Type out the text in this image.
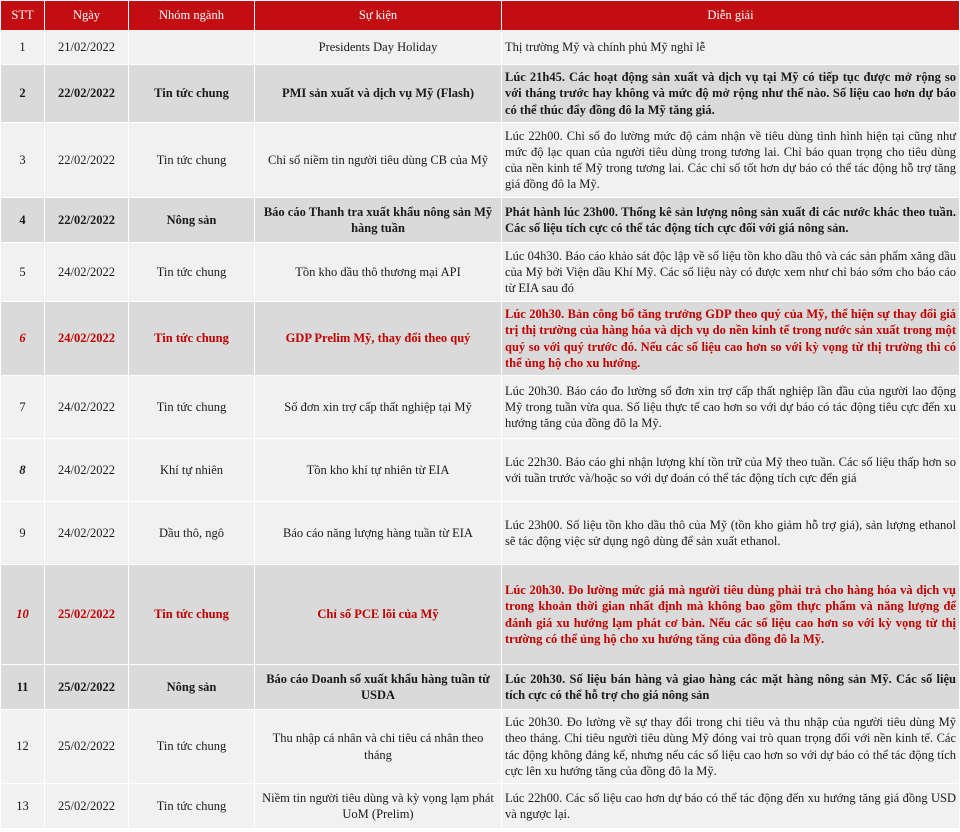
STT	Ngày	Nhóm ngành	Sự kiện	Diễn giải
1	21/02/2022		Presidents Day Holiday	Thị trường Mỹ và chính phủ Mỹ nghỉ lễ
2	22/02/2022	Tin tức chung	PMI sản xuất và dịch vụ Mỹ (Flash)	Lúc 21h45. Các hoạt động sản xuất và dịch vụ tại Mỹ có tiếp tục được mở rộng so với tháng trước hay không và mức độ mở rộng như thế nào. Số liệu cao hơn dự báo có thể thúc đẩy đồng đô la Mỹ tăng giá.
3	22/02/2022	Tin tức chung	Chỉ số niềm tin người tiêu dùng CB của Mỹ	Lúc 22h00. Chỉ số đo lường mức độ cảm nhận về tiêu dùng tình hình hiện tại cũng như mức độ lạc quan của người tiêu dùng trong tương lai. Chỉ báo quan trọng cho tiêu dùng của nền kinh tế Mỹ trong tương lai. Các chỉ số tốt hơn dự báo có thể tác động hỗ trợ tăng giá đồng đô la Mỹ.
4	22/02/2022	Nông sản	Báo cáo Thanh tra xuất khẩu nông sản Mỹ hàng tuần	Phát hành lúc 23h00. Thống kê sản lượng nông sản xuất đi các nước khác theo tuần. Các số liệu tích cực có thể tác động tích cực đối với giá nông sản.
5	24/02/2022	Tin tức chung	Tồn kho dầu thô thương mại API	Lúc 04h30. Báo cáo khảo sát độc lập về số liệu tồn kho dầu thô và các sản phẩm xăng dầu của Mỹ bởi Viện dầu Khí Mỹ. Các số liệu này có được xem như chỉ báo sớm cho báo cáo từ EIA sau đó
6	24/02/2022	Tin tức chung	GDP Prelim Mỹ, thay đổi theo quý	Lúc 20h30. Bản công bố tăng trưởng GDP theo quý của Mỹ, thể hiện sự thay đổi giá trị thị trường của hàng hóa và dịch vụ do nền kinh tế trong nước sản xuất trong một quý so với quý trước đó. Nếu các số liệu cao hơn so với kỳ vọng từ thị trường thì có thể ủng hộ cho xu hướng.
7	24/02/2022	Tin tức chung	Số đơn xin trợ cấp thất nghiệp tại Mỹ	Lúc 20h30. Báo cáo đo lường số đơn xin trợ cấp thất nghiệp lần đầu của người lao động Mỹ trong tuần vừa qua. Số liệu thực tế cao hơn so với dự báo có tác động tiêu cực đến xu hướng tăng của đồng đô la Mỹ.
8	24/02/2022	Khí tự nhiên	Tồn kho khí tự nhiên từ EIA	Lúc 22h30. Báo cáo ghi nhận lượng khí tồn trữ của Mỹ theo tuần. Các số liệu thấp hơn so với tuần trước và/hoặc so với dự đoán có thể tác động tích cực đến giá
9	24/02/2022	Dầu thô, ngô	Báo cáo năng lượng hàng tuần từ EIA	Lúc 23h00. Số liệu tồn kho dầu thô của Mỹ (tồn kho giảm hỗ trợ giá), sản lượng ethanol sẽ tác động việc sử dụng ngô dùng để sản xuất ethanol.
10	25/02/2022	Tin tức chung	Chỉ số PCE lõi của Mỹ	Lúc 20h30. Đo lường mức giá mà người tiêu dùng phải trả cho hàng hóa và dịch vụ trong khoản thời gian nhất định mà không bao gồm thực phẩm và năng lượng để đánh giá xu hướng lạm phát cơ bản. Nếu các số liệu cao hơn so với kỳ vọng từ thị trường có thể ủng hộ cho xu hướng tăng của đồng đô la Mỹ.
11	25/02/2022	Nông sản	Báo cáo Doanh số xuất khẩu hàng tuần từ USDA	Lúc 20h30. Số liệu bán hàng và giao hàng các mặt hàng nông sản Mỹ. Các số liệu tích cực có thể hỗ trợ cho giá nông sản
12	25/02/2022	Tin tức chung	Thu nhập cá nhân và chi tiêu cá nhân theo tháng	Lúc 20h30. Đo lường về sự thay đổi trong chi tiêu và thu nhập của người tiêu dùng Mỹ theo tháng. Chi tiêu người tiêu dùng Mỹ đóng vai trò quan trọng đối với nền kinh tế. Các tác động không đáng kể, nhưng nếu các số liệu cao hơn so với dự báo có thể tác động tích cực lên xu hướng tăng của đồng đô la Mỹ.
13	25/02/2022	Tin tức chung	Niềm tin người tiêu dùng và kỳ vọng lạm phát UoM (Prelim)	Lúc 22h00. Các số liệu cao hơn dự báo có thể tác động đến xu hướng tăng giá đồng USD và ngược lại.
